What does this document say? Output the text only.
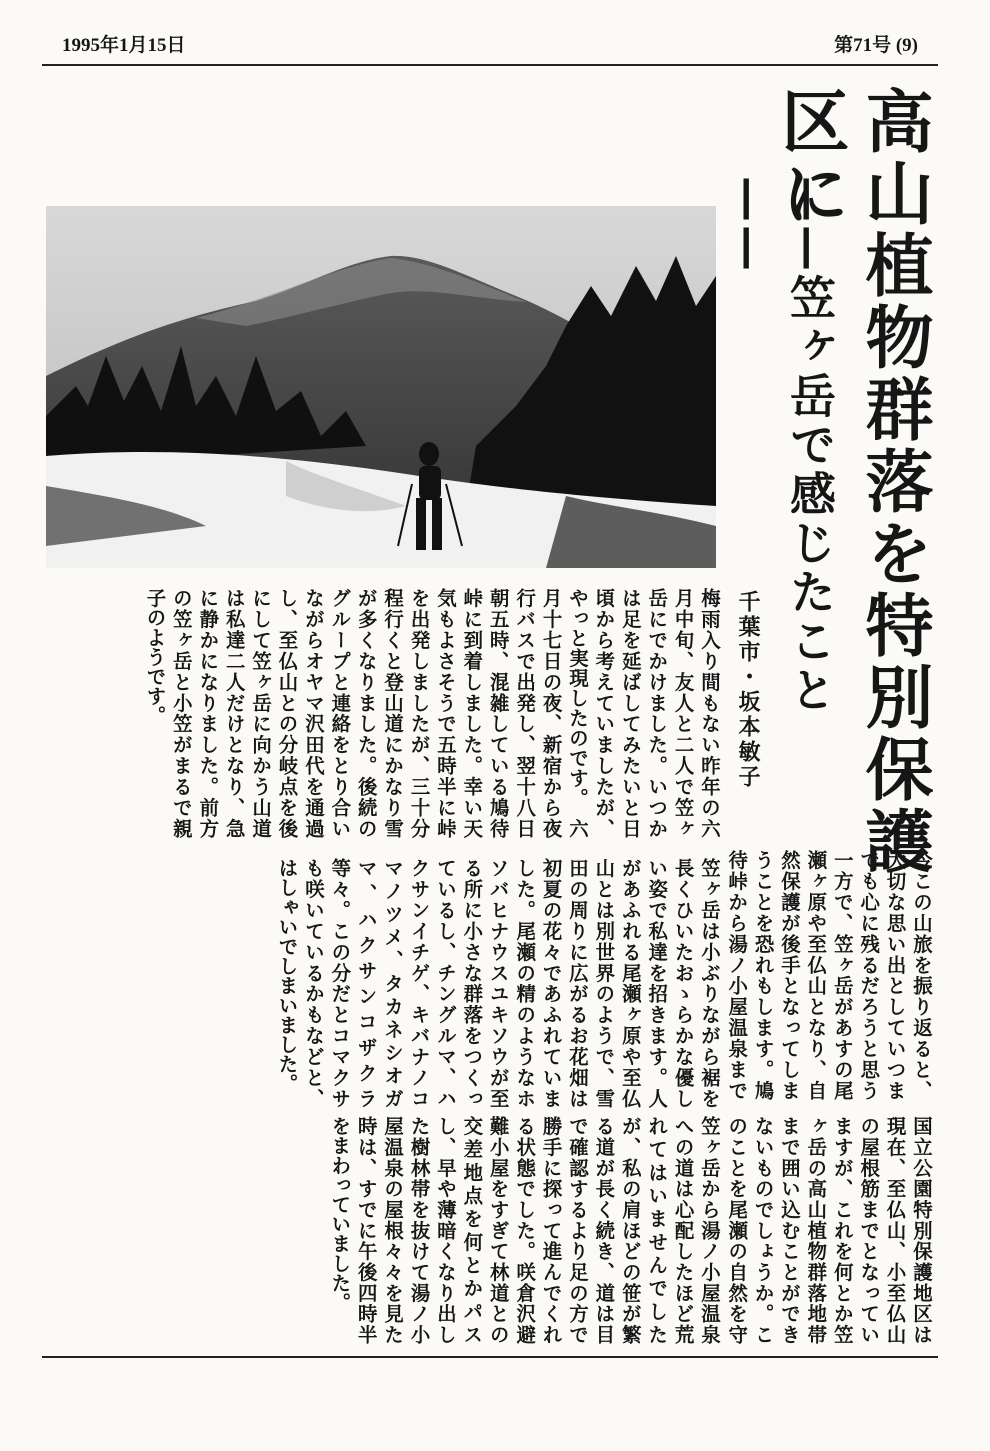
1995年1月15日	第71号 (9)
高山植物群落を特別保護区に
——笠ヶ岳で感じたこと——
千葉市・坂本敏子

梅雨入り間もない昨年の六月中旬、友人と二人で笠ヶ岳にでかけました。いつかは足を延ばしてみたいと日頃から考えていましたが、やっと実現したのです。　六月十七日の夜、新宿から夜行バスで出発し、翌十八日朝五時、混雑している鳩待峠に到着しました。幸い天気もよさそうで五時半に峠を出発しましたが、三十分程行くと登山道にかなり雪が多くなりました。後続のグループと連絡をとり合いながらオヤマ沢田代を通過し、至仏山との分岐点を後にして笠ヶ岳に向かう山道は私達二人だけとなり、急に静かになりました。前方の笠ヶ岳と小笠がまるで親子のようです。

笠ヶ岳は小ぶりながら裾を長くひいたおゝらかな優しい姿で私達を招きます。人があふれる尾瀬ヶ原や至仏山とは別世界のようで、雪田の周りに広がるお花畑は初夏の花々であふれていました。尾瀬の精のようなホソバヒナウスユキソウが至る所に小さな群落をつくっているし、チングルマ、ハクサンイチゲ、キバナノコマノツメ、タカネシオガマ、ハクサンコザクラ等々。この分だとコマクサも咲いているかもなどと、はしゃいでしまいました。

笠ヶ岳から湯ノ小屋温泉への道は心配したほど荒れてはいませんでしたが、私の肩ほどの笹が繁る道が長く続き、道は目で確認するより足の方で勝手に探って進んでくれる状態でした。咲倉沢避難小屋をすぎて林道との交差地点を何とかパスし、早や薄暗くなり出した樹林帯を抜けて湯ノ小屋温泉の屋根々々を見た時は、すでに午後四時半をまわっていました。

今この山旅を振り返ると、大切な思い出としていつまでも心に残るだろうと思う一方で、笠ヶ岳があすの尾瀬ヶ原や至仏山となり、自然保護が後手となってしまうことを恐れもします。鳩待峠から湯ノ小屋温泉まで

国立公園特別保護地区は現在、至仏山、小至仏山の屋根筋までとなっていますが、これを何とか笠ヶ岳の高山植物群落地帯まで囲い込むことができないものでしょうか。このことを尾瀬の自然を守
